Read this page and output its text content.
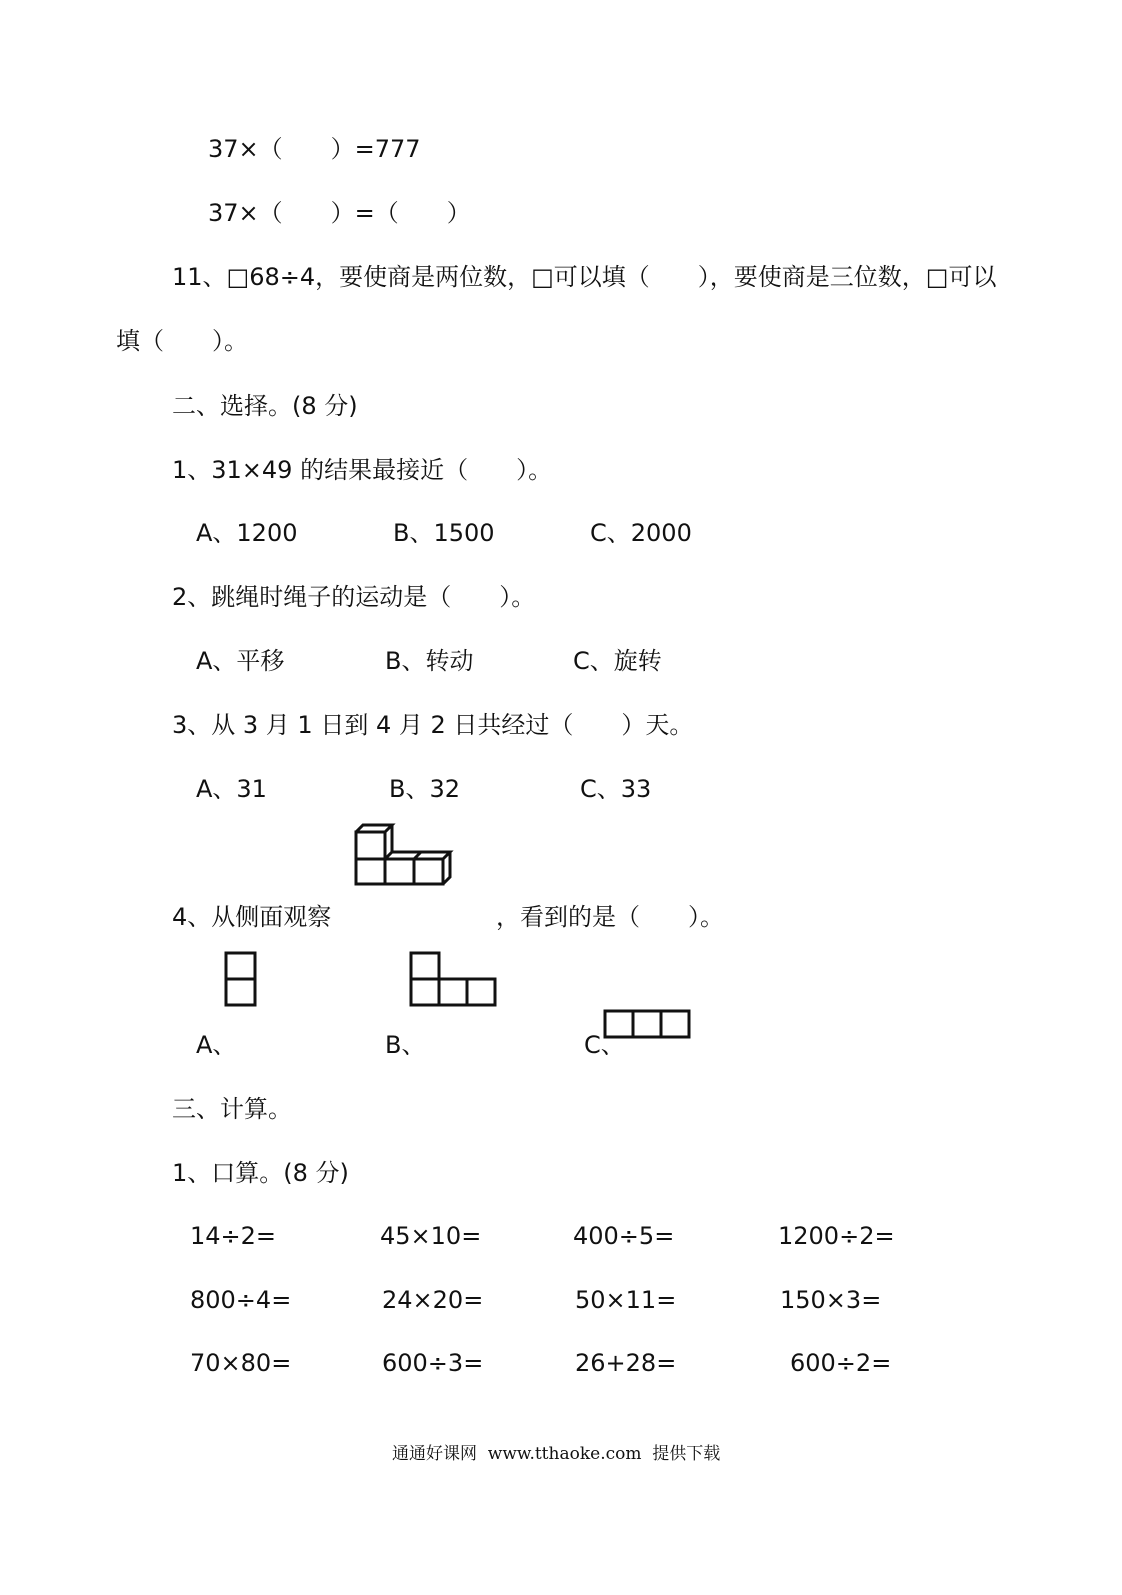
37×（　　）=777
37×（　　）=（　　）
11、□68÷4，要使商是两位数，□可以填（　　），要使商是三位数，□可以
填（　　）。
二、选择。(8 分)
1、31×49 的结果最接近（　　）。
A、1200	B、1500	C、2000
2、跳绳时绳子的运动是（　　）。
A、平移	B、转动	C、旋转
3、从 3 月 1 日到 4 月 2 日共经过（　　）天。
A、31	B、32	C、33
4、从侧面观察	，看到的是（　　）。
A、	B、	C、
三、计算。
1、口算。(8 分)
14÷2=	45×10=	400÷5=	1200÷2=
800÷4=	24×20=	50×11=	150×3=
70×80=	600÷3=	26+28=	600÷2=
通通好课网  www.tthaoke.com  提供下载
